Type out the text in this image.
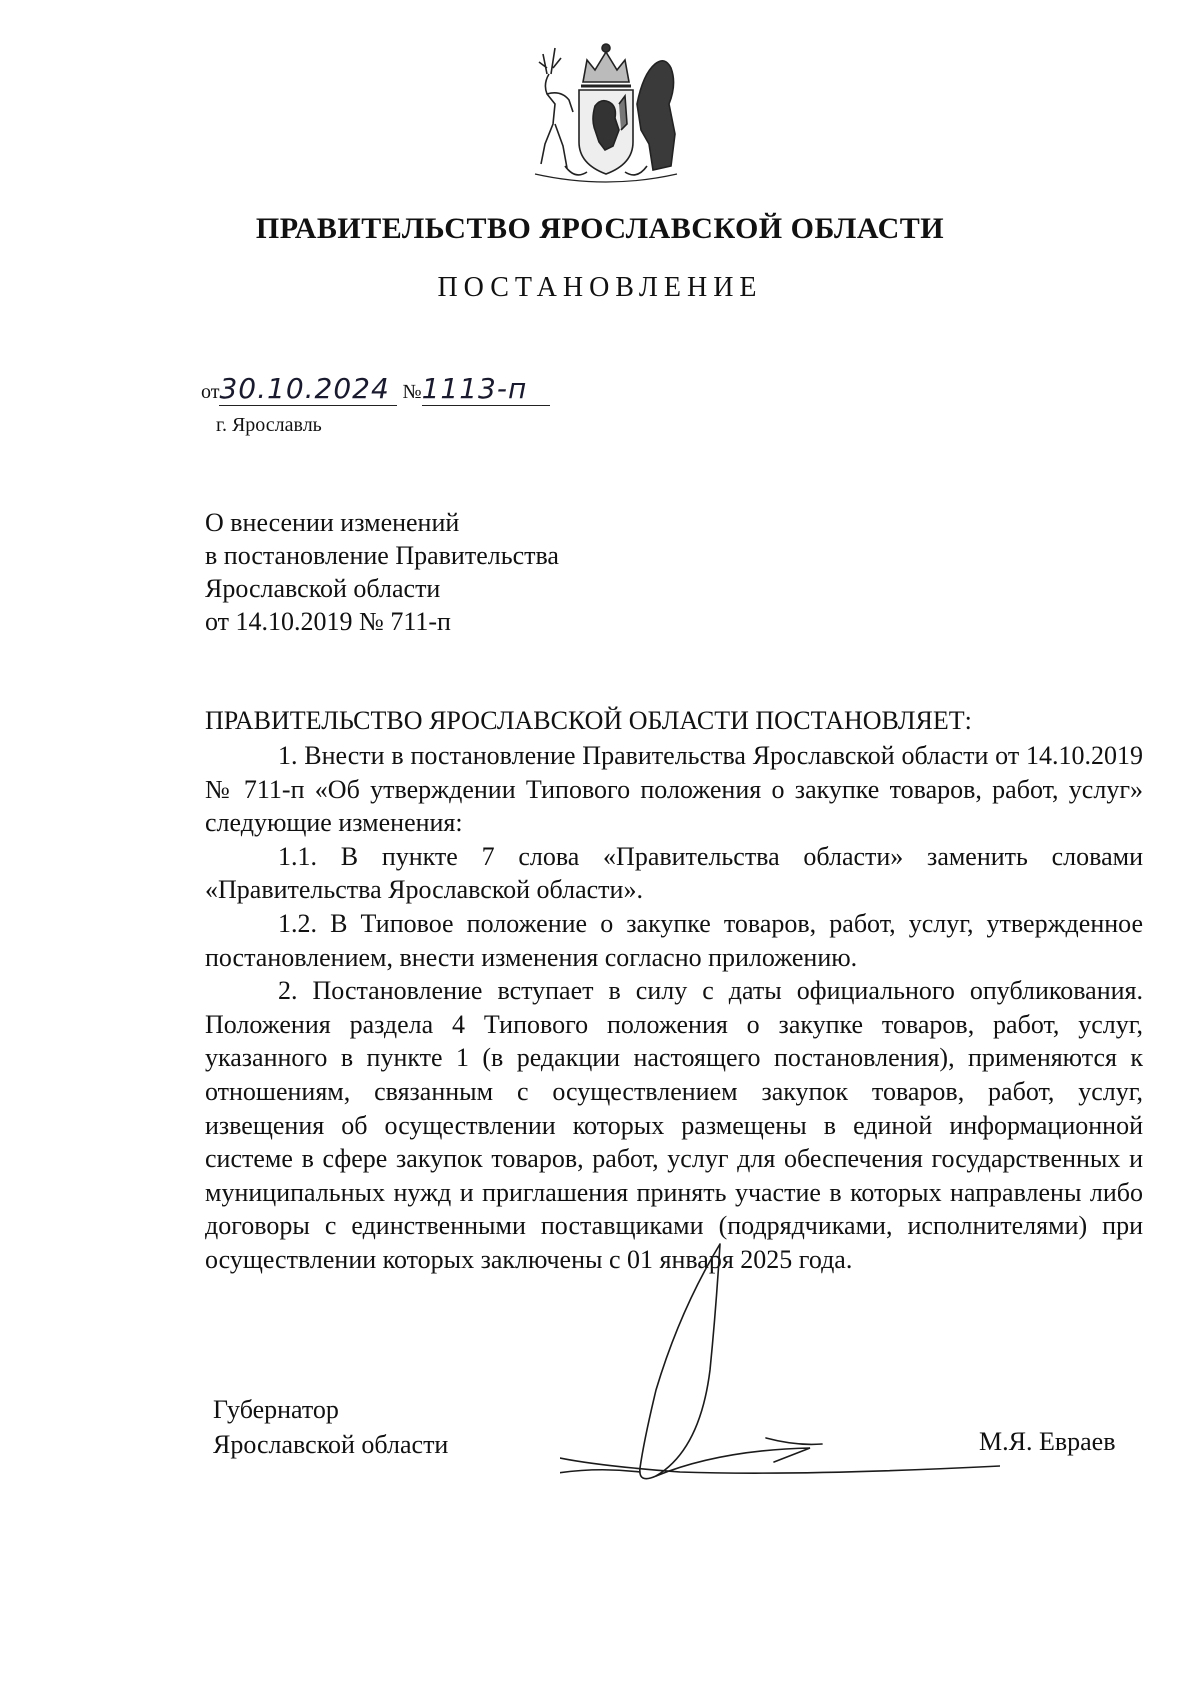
ПРАВИТЕЛЬСТВО ЯРОСЛАВСКОЙ ОБЛАСТИ
ПОСТАНОВЛЕНИЕ
от30.10.2024 №1113-п
г. Ярославль
О внесении изменений
в постановление Правительства
Ярославской области
от 14.10.2019 № 711-п
ПРАВИТЕЛЬСТВО ЯРОСЛАВСКОЙ ОБЛАСТИ ПОСТАНОВЛЯЕТ:

1. Внести в постановление Правительства Ярославской области от 14.10.2019 № 711-п «Об утверждении Типового положения о закупке товаров, работ, услуг» следующие изменения:

1.1. В пункте 7 слова «Правительства области» заменить словами «Правительства Ярославской области».

1.2. В Типовое положение о закупке товаров, работ, услуг, утвержденное постановлением, внести изменения согласно приложению.

2. Постановление вступает в силу с даты официального опубликования. Положения раздела 4 Типового положения о закупке товаров, работ, услуг, указанного в пункте 1 (в редакции настоящего постановления), применяются к отношениям, связанным с осуществлением закупок товаров, работ, услуг, извещения об осуществлении которых размещены в единой информационной системе в сфере закупок товаров, работ, услуг для обеспечения государственных и муниципальных нужд и приглашения принять участие в которых направлены либо договоры с единственными поставщиками (подрядчиками, исполнителями) при осуществлении которых заключены с 01 января 2025 года.

Губернатор
Ярославской области	М.Я. Евраев
